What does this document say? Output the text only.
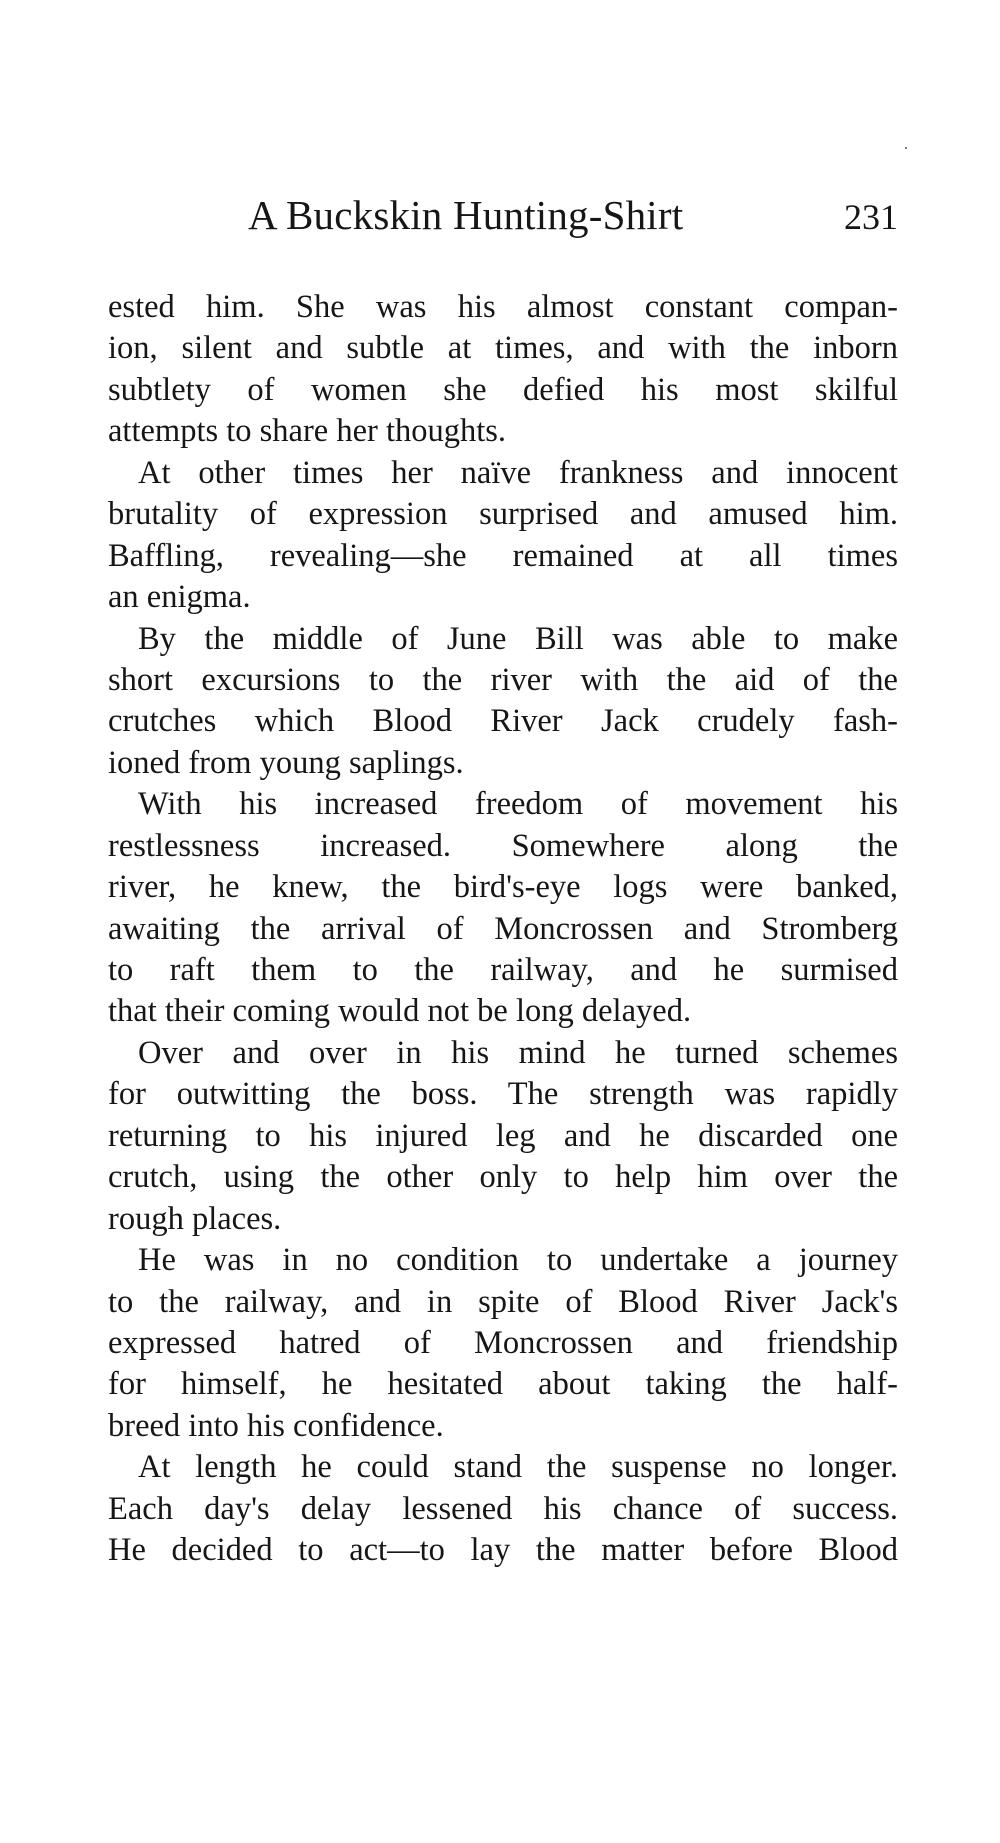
A Buckskin Hunting-Shirt	231
ested him. She was his almost constant compan-
ion, silent and subtle at times, and with the inborn
subtlety of women she defied his most skilful
attempts to share her thoughts.
At other times her naïve frankness and innocent
brutality of expression surprised and amused him.
Baffling, revealing—she remained at all times
an enigma.
By the middle of June Bill was able to make
short excursions to the river with the aid of the
crutches which Blood River Jack crudely fash-
ioned from young saplings.
With his increased freedom of movement his
restlessness increased. Somewhere along the
river, he knew, the bird's-eye logs were banked,
awaiting the arrival of Moncrossen and Stromberg
to raft them to the railway, and he surmised
that their coming would not be long delayed.
Over and over in his mind he turned schemes
for outwitting the boss. The strength was rapidly
returning to his injured leg and he discarded one
crutch, using the other only to help him over the
rough places.
He was in no condition to undertake a journey
to the railway, and in spite of Blood River Jack's
expressed hatred of Moncrossen and friendship
for himself, he hesitated about taking the half-
breed into his confidence.
At length he could stand the suspense no longer.
Each day's delay lessened his chance of success.
He decided to act—to lay the matter before Blood
